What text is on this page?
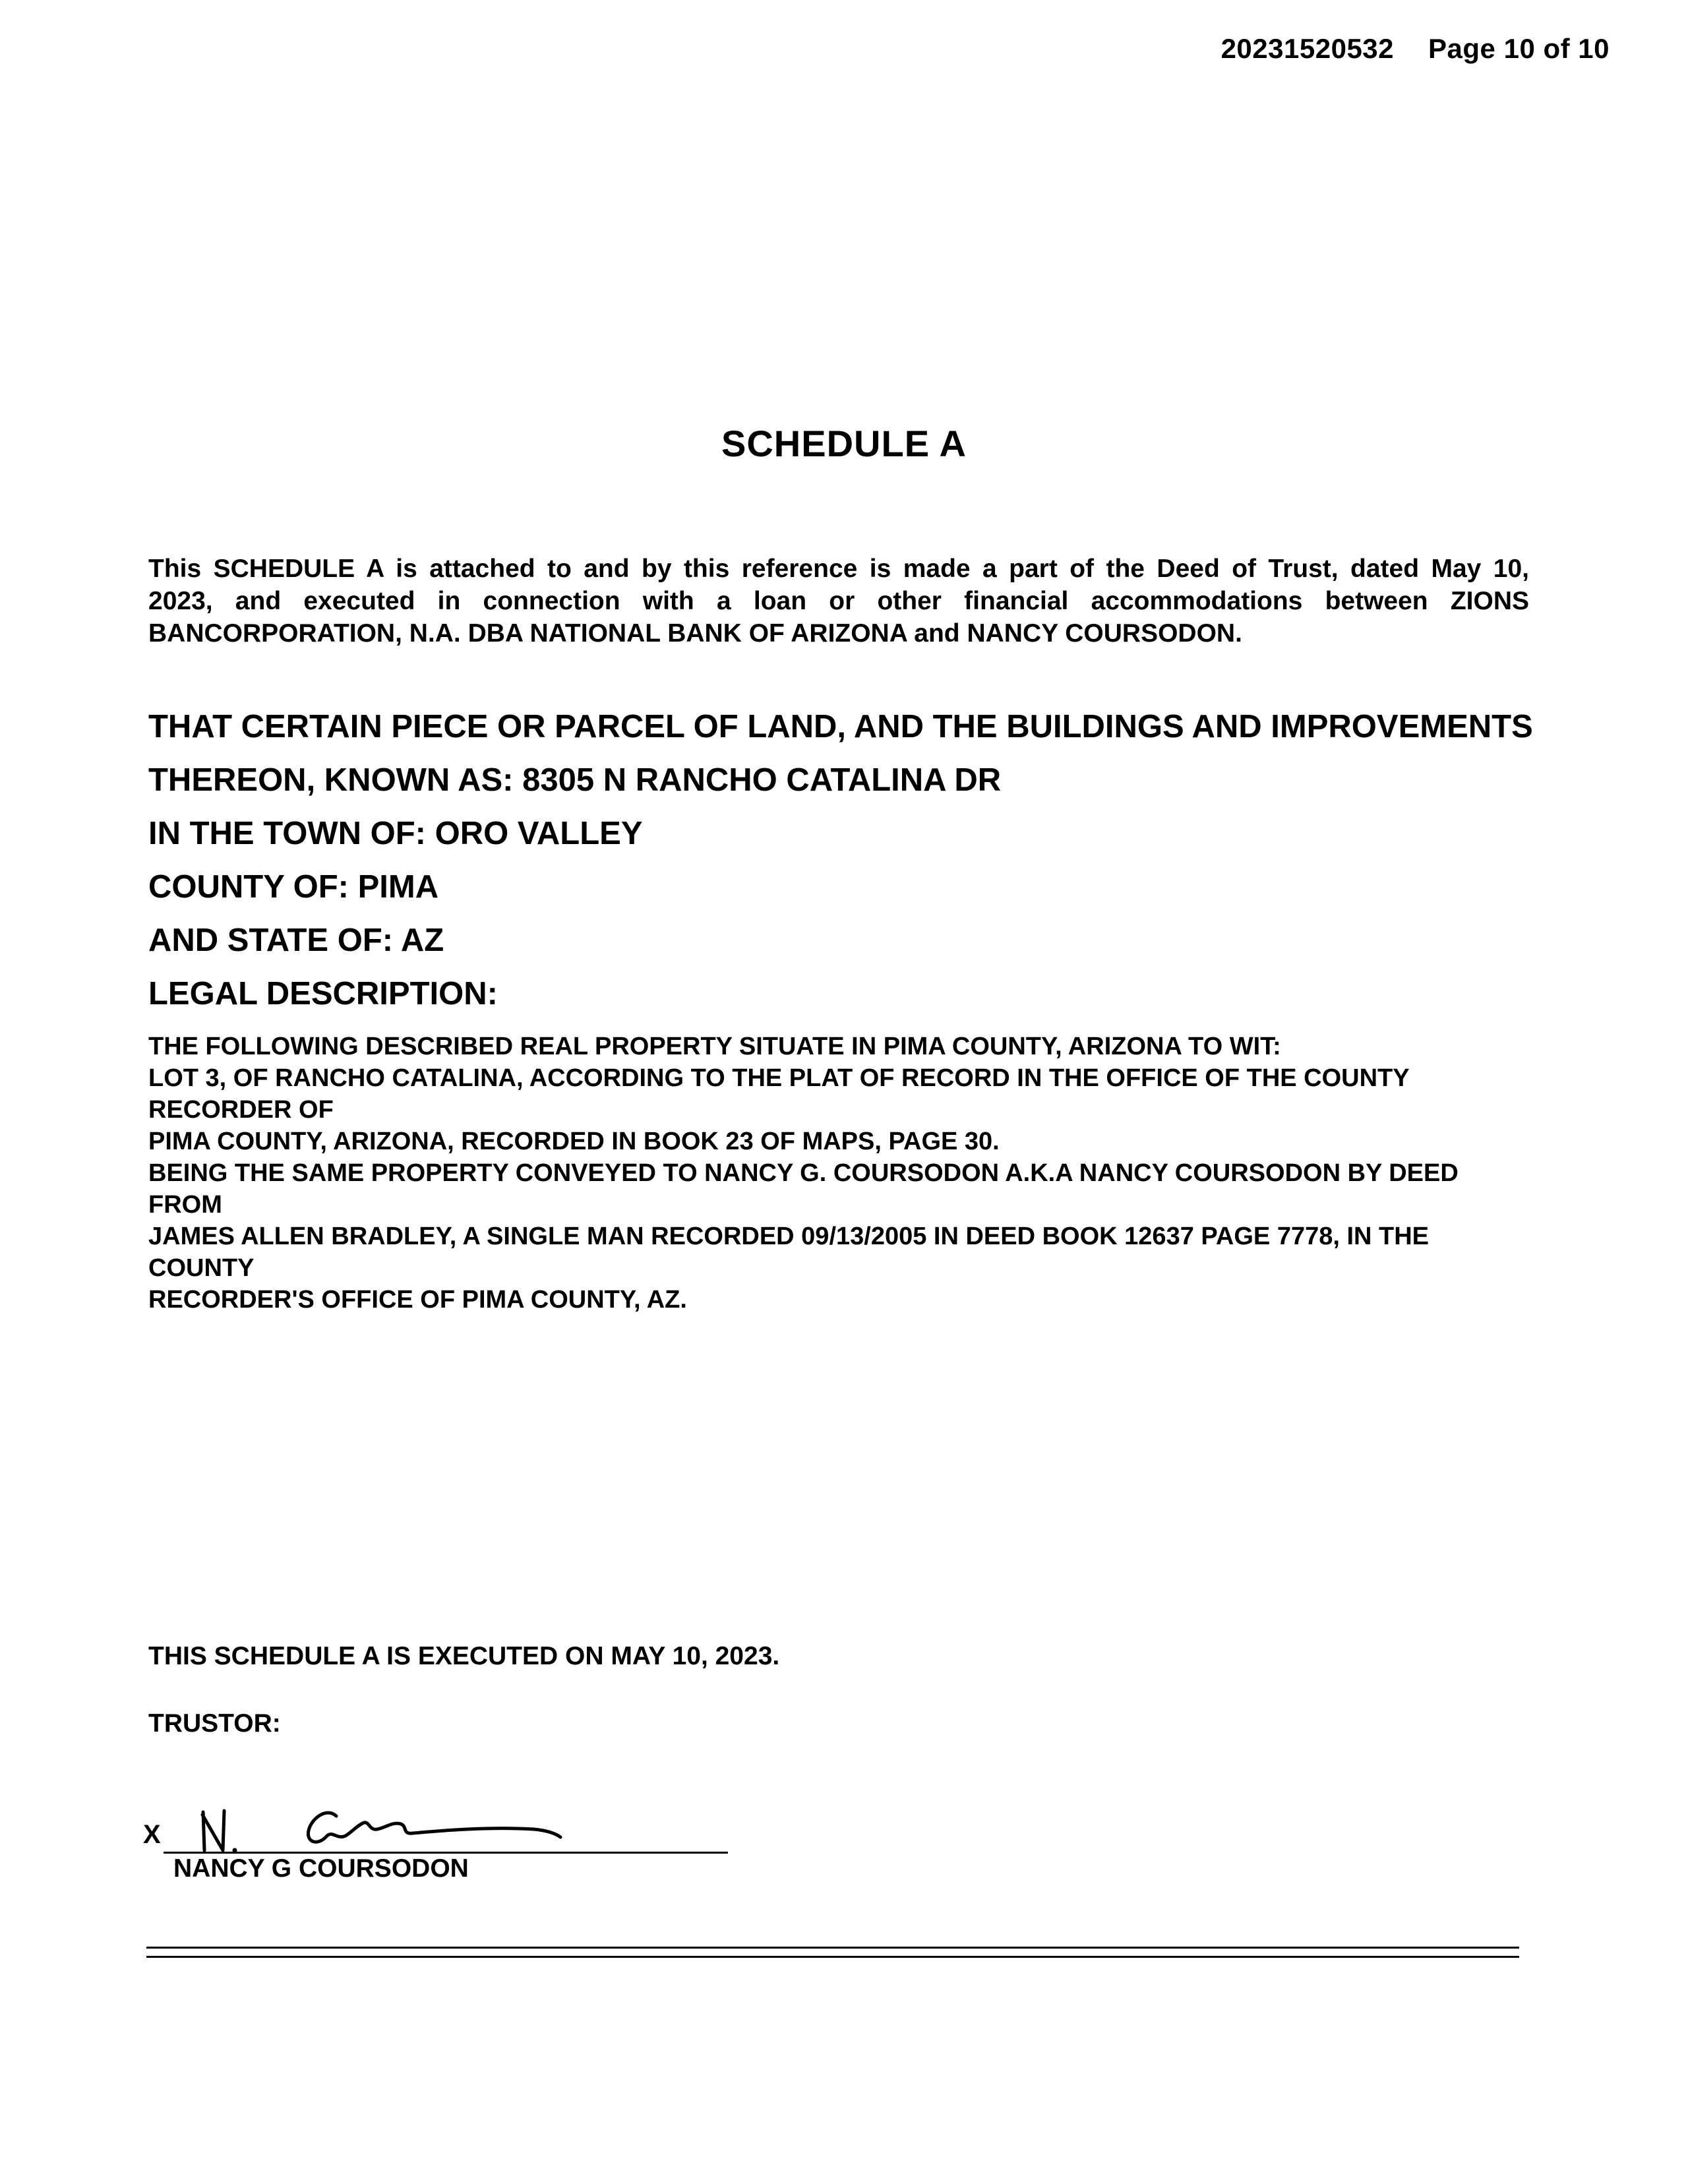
20231520532 Page 10 of 10
SCHEDULE A
This SCHEDULE A is attached to and by this reference is made a part of the Deed of Trust, dated May 10,
2023, and executed in connection with a loan or other financial accommodations between ZIONS
BANCORPORATION, N.A. DBA NATIONAL BANK OF ARIZONA and NANCY COURSODON.
THAT CERTAIN PIECE OR PARCEL OF LAND, AND THE BUILDINGS AND IMPROVEMENTS
THEREON, KNOWN AS: 8305 N RANCHO CATALINA DR
IN THE TOWN OF: ORO VALLEY
COUNTY OF: PIMA
AND STATE OF: AZ
LEGAL DESCRIPTION:
THE FOLLOWING DESCRIBED REAL PROPERTY SITUATE IN PIMA COUNTY, ARIZONA TO WIT:
LOT 3, OF RANCHO CATALINA, ACCORDING TO THE PLAT OF RECORD IN THE OFFICE OF THE COUNTY
RECORDER OF
PIMA COUNTY, ARIZONA, RECORDED IN BOOK 23 OF MAPS, PAGE 30.
BEING THE SAME PROPERTY CONVEYED TO NANCY G. COURSODON A.K.A NANCY COURSODON BY DEED
FROM
JAMES ALLEN BRADLEY, A SINGLE MAN RECORDED 09/13/2005 IN DEED BOOK 12637 PAGE 7778, IN THE
COUNTY
RECORDER'S OFFICE OF PIMA COUNTY, AZ.
THIS SCHEDULE A IS EXECUTED ON MAY 10, 2023.
TRUSTOR:
X
NANCY G COURSODON
